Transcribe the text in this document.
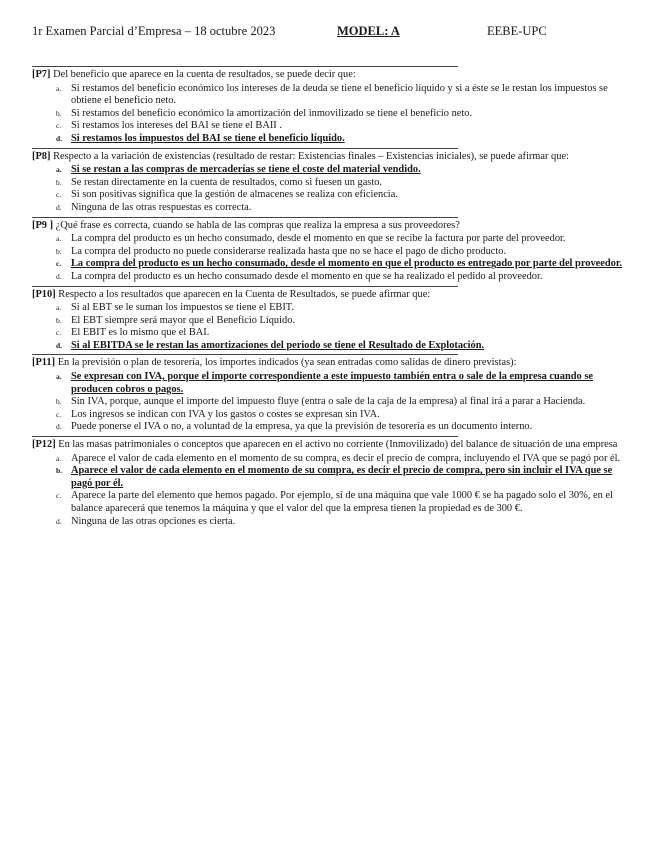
1r Examen Parcial d’Empresa – 18 octubre 2023	MODEL: A	EEBE-UPC

[P7] Del beneficio que aparece en la cuenta de resultados, se puede decir que:

a. Si restamos del beneficio económico los intereses de la deuda se tiene el beneficio líquido y si a éste se le restan los impuestos se obtiene el beneficio neto.
b. Si restamos del beneficio económico la amortización del inmovilizado se tiene el beneficio neto.
c. Si restamos los intereses del BAI se tiene el BAII .
d. Si restamos los impuestos del BAI se tiene el beneficio líquido.

[P8] Respecto a la variación de existencias (resultado de restar: Existencias finales – Existencias iniciales), se puede afirmar que:

a. Si se restan a las compras de mercaderías se tiene el coste del material vendido.
b. Se restan directamente en la cuenta de resultados, como si fuesen un gasto.
c. Si son positivas significa que la gestión de almacenes se realiza con eficiencia.
d. Ninguna de las otras respuestas es correcta.

[P9 ] ¿Qué frase es correcta, cuando se habla de las compras que realiza la empresa a sus proveedores?

a. La compra del producto es un hecho consumado, desde el momento en que se recibe la factura por parte del proveedor.
b. La compra del producto no puede considerarse realizada hasta que no se hace el pago de dicho producto.
c. La compra del producto es un hecho consumado, desde el momento en que el producto es entregado por parte del proveedor.
d. La compra del producto es un hecho consumado desde el momento en que se ha realizado el pedido al proveedor.

[P10] Respecto a los resultados que aparecen en la Cuenta de Resultados, se puede afirmar que:

a. Si al EBT se le suman los impuestos se tiene el EBIT.
b. El EBT siempre será mayor que el Beneficio Líquido.
c. El EBIT es lo mismo que el BAI.
d. Si al EBITDA se le restan las amortizaciones del periodo se tiene el Resultado de Explotación.

[P11] En la previsión o plan de tesorería, los importes indicados (ya sean entradas como salidas de dinero previstas):

a. Se expresan con IVA, porque el importe correspondiente a este impuesto también entra o sale de la empresa cuando se producen cobros o pagos.
b. Sin IVA, porque, aunque el importe del impuesto fluye (entra o sale de la caja de la empresa) al final irá a parar a Hacienda.
c. Los ingresos se indican con IVA y los gastos o costes se expresan sin IVA.
d. Puede ponerse el IVA o no, a voluntad de la empresa, ya que la previsión de tesorería es un documento interno.

[P12] En las masas patrimoniales o conceptos que aparecen en el activo no corriente (Inmovilizado) del balance de situación de una empresa

a. Aparece el valor de cada elemento en el momento de su compra, es decir el precio de compra, incluyendo el IVA que se pagó por él.
b. Aparece el valor de cada elemento en el momento de su compra, es decir el precio de compra, pero sin incluir el IVA que se pagó por él.
c. Aparece la parte del elemento que hemos pagado. Por ejemplo, si de una máquina que vale 1000 € se ha pagado solo el 30%, en el balance aparecerá que tenemos la máquina y que el valor del que la empresa tienen la propiedad es de 300 €.
d. Ninguna de las otras opciones es cierta.
